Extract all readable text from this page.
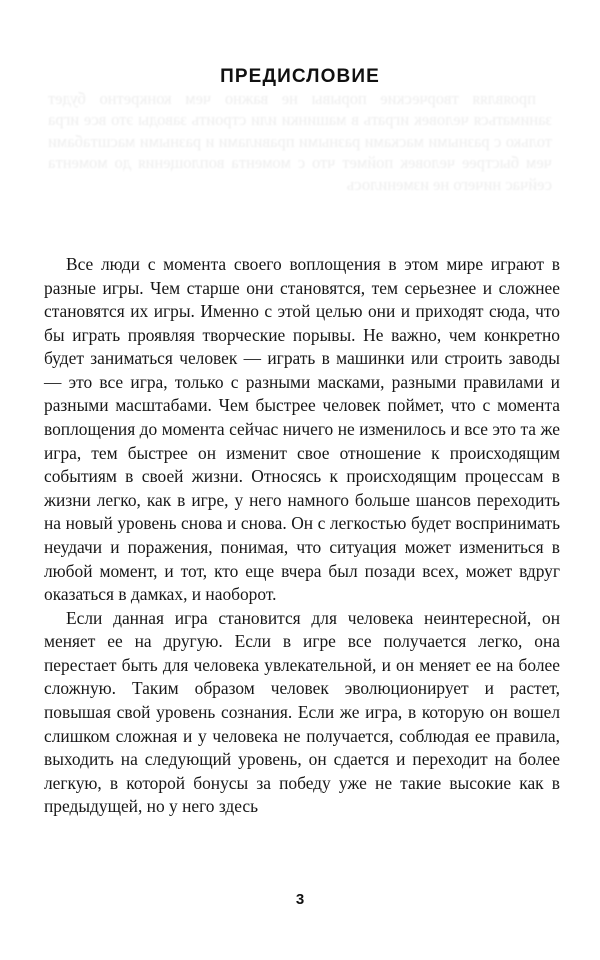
проявляя творческие порывы не важно чем конкретно будет заниматься человек играть в машинки или строить заводы это все игра только с разными масками разными правилами и разными масштабами чем быстрее человек поймет что с момента воплощения до момента сейчас ничего не изменилось

ПРЕДИСЛОВИЕ

Все люди с момента своего воплощения в этом мире играют в разные игры. Чем старше они становятся, тем серьезнее и сложнее становятся их игры. Именно с этой целью они и приходят сюда, что бы играть проявляя творческие порывы. Не важно, чем конкретно будет заниматься человек — играть в машинки или строить заводы — это все игра, только с разными масками, разными правилами и разными масштабами. Чем быстрее человек поймет, что с момента воплощения до момента сейчас ничего не изменилось и все это та же игра, тем быстрее он изменит свое отношение к происходящим событиям в своей жизни. Относясь к происходящим процессам в жизни легко, как в игре, у него намного больше шансов переходить на новый уровень снова и снова. Он с легкостью будет воспринимать неудачи и поражения, понимая, что ситуация может измениться в любой момент, и тот, кто еще вчера был позади всех, может вдруг оказаться в дамках, и наоборот.

Если данная игра становится для человека неинтересной, он меняет ее на другую. Если в игре все получается легко, она перестает быть для человека увлекательной, и он меняет ее на более сложную. Таким образом человек эволюционирует и растет, повышая свой уровень сознания. Если же игра, в которую он вошел слишком сложная и у человека не получается, соблюдая ее правила, выходить на следующий уровень, он сдается и переходит на более легкую, в которой бонусы за победу уже не такие высокие как в предыдущей, но у него здесь

3
